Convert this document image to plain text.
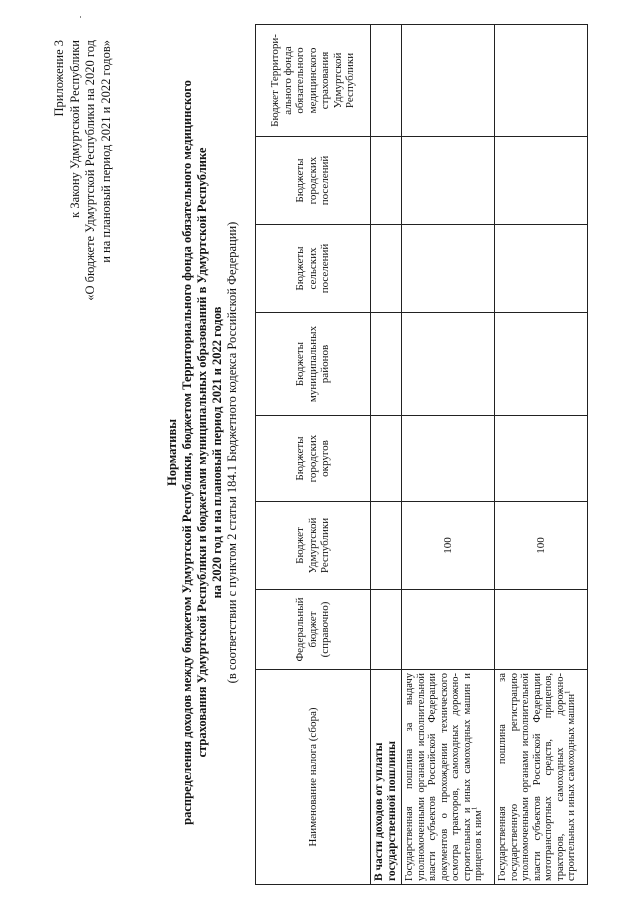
Приложение 3 к Закону Удмуртской Республики «О бюджете Удмуртской Республики на 2020 год и на плановый период 2021 и 2022 годов»
Нормативы распределения доходов между бюджетом Удмуртской Республики, бюджетом Территориального фонда обязательного медицинского страхования Удмуртской Республики и бюджетами муниципальных образований в Удмуртской Республике на 2020 год и на плановый период 2021 и 2022 годов (в соответствии с пунктом 2 статьи 184.1 Бюджетного кодекса Российской Федерации)
Наименование налога (сбора)	Федеральный бюджет (справочно)	Бюджет Удмуртской Республики	Бюджеты городских округов	Бюджеты муниципальных районов	Бюджеты сельских поселений	Бюджеты городских поселений	Бюджет Территори-ального фонда обязательного медицинского страхования Удмуртской Республики
В части доходов от уплаты государственной пошлины							
Государственная пошлина за выдачу уполномоченными органами исполнительной власти субъектов Российской Федерации документов о прохождении технического осмотра тракторов, самоходных дорожно-строительных и иных самоходных машин и прицепов к ним$^1$		100					
Государственная пошлина за государственную регистрацию уполномоченными органами исполнительной власти субъектов Российской Федерации мототранспортных средств, прицепов, тракторов, самоходных дорожно-строительных и иных самоходных машин$^1$		100					
